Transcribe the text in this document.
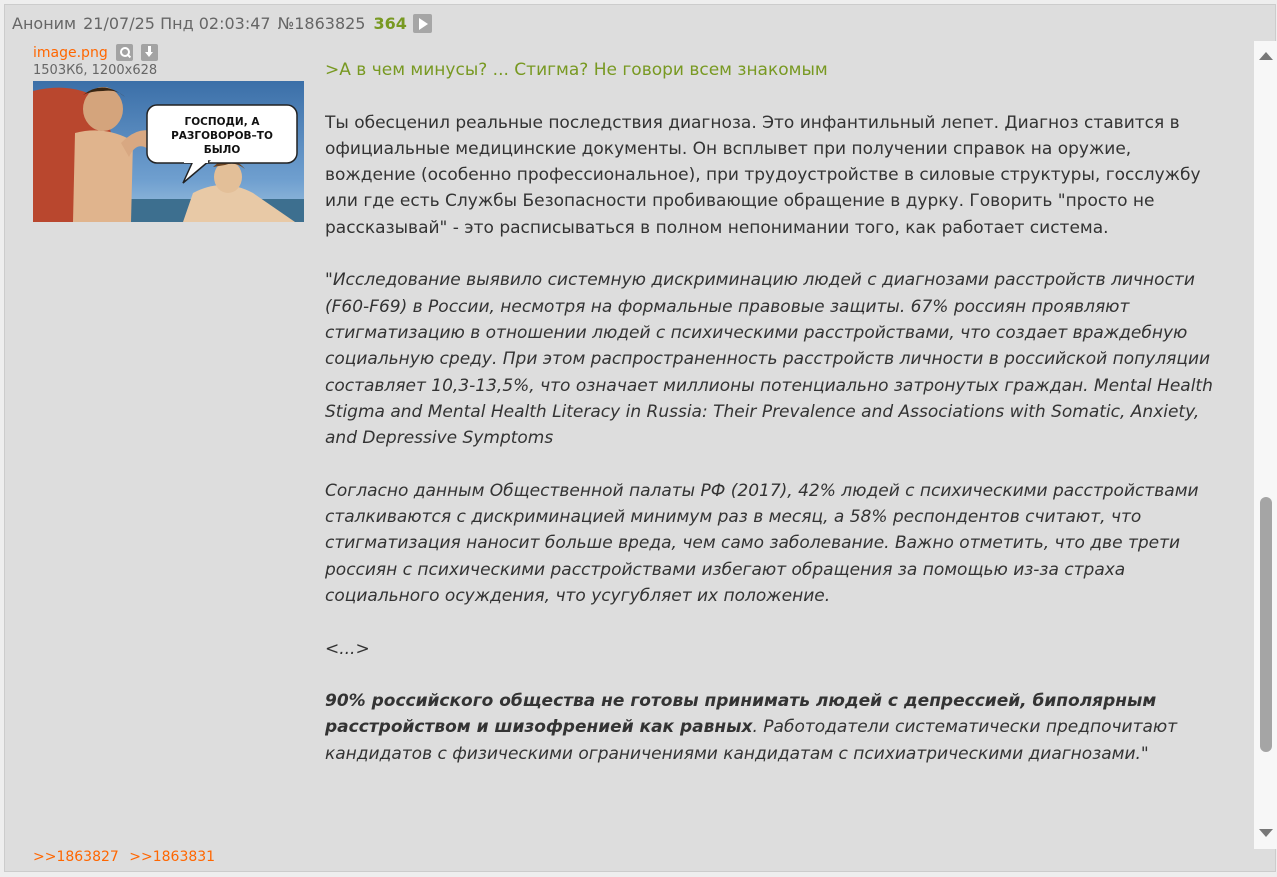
Аноним 21/07/25 Пнд 02:03:47 №1863825 364
image.png
1503Кб, 1200x628
ГОСПОДИ, А
РАЗГОВОРОВ–ТО
БЫЛО

>А в чем минусы? ... Стигма? Не говори всем знакомым

Ты обесценил реальные последствия диагноза. Это инфантильный лепет. Диагноз ставится в официальные медицинские документы. Он всплывет при получении справок на оружие, вождение (особенно профессиональное), при трудоустройстве в силовые структуры, госслужбу или где есть Службы Безопасности пробивающие обращение в дурку. Говорить "просто не рассказывай" - это расписываться в полном непонимании того, как работает система.

"Исследование выявило системную дискриминацию людей с диагнозами расстройств личности (F60-F69) в России, несмотря на формальные правовые защиты. 67% россиян проявляют стигматизацию в отношении людей с психическими расстройствами, что создает враждебную социальную среду. При этом распространенность расстройств личности в российской популяции составляет 10,3-13,5%, что означает миллионы потенциально затронутых граждан. Mental Health Stigma and Mental Health Literacy in Russia: Their Prevalence and Associations with Somatic, Anxiety, and Depressive Symptoms

Согласно данным Общественной палаты РФ (2017), 42% людей с психическими расстройствами сталкиваются с дискриминацией минимум раз в месяц, а 58% респондентов считают, что стигматизация наносит больше вреда, чем само заболевание. Важно отметить, что две трети россиян с психическими расстройствами избегают обращения за помощью из-за страха социального осуждения, что усугубляет их положение.

<...>

90% российского общества не готовы принимать людей с депрессией, биполярным расстройством и шизофренией как равных. Работодатели систематически предпочитают кандидатов с физическими ограничениями кандидатам с психиатрическими диагнозами."

>>1863827 >>1863831
